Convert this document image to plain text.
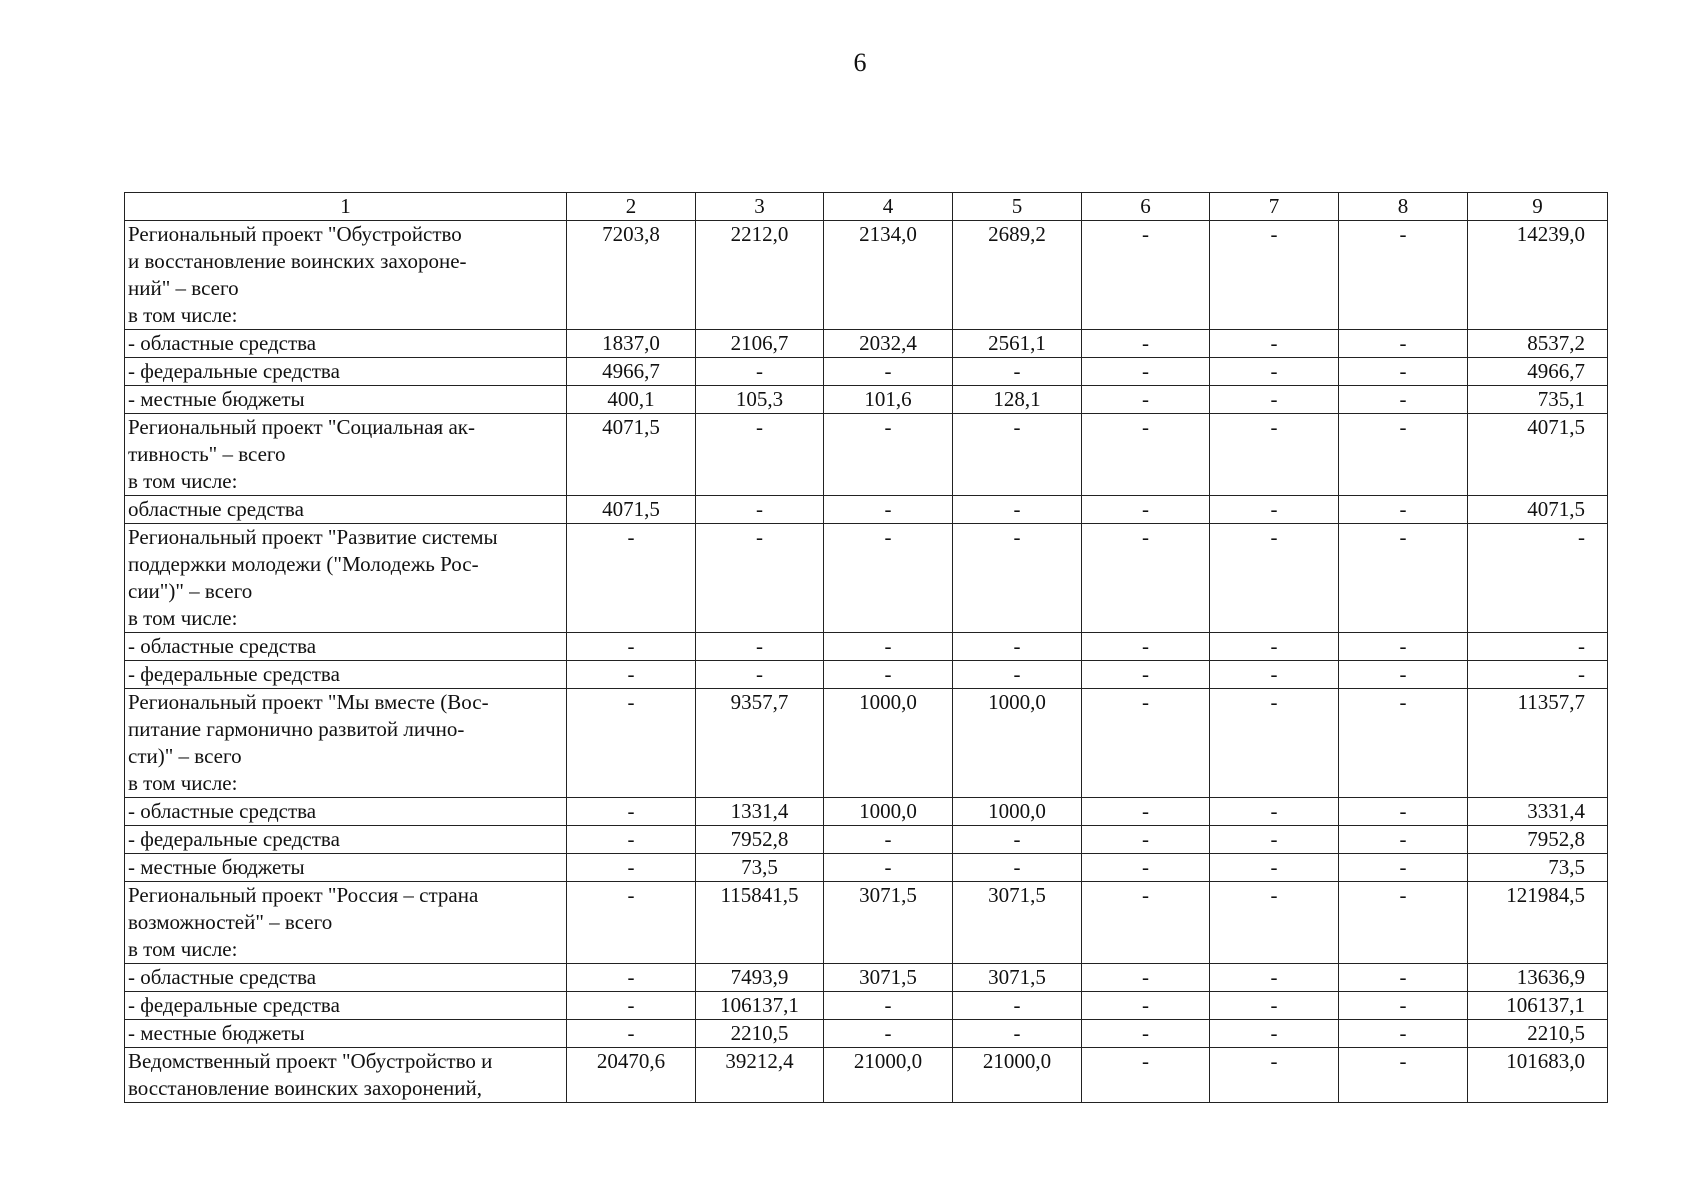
6
1	2	3	4	5	6	7	8	9
Региональный проект "Обустройство
и восстановление воинских захороне-
ний" – всего
в том числе:	7203,8	2212,0	2134,0	2689,2	-	-	-	14239,0
- областные средства	1837,0	2106,7	2032,4	2561,1	-	-	-	8537,2
- федеральные средства	4966,7	-	-	-	-	-	-	4966,7
- местные бюджеты	400,1	105,3	101,6	128,1	-	-	-	735,1
Региональный проект "Социальная ак-
тивность" – всего
в том числе:	4071,5	-	-	-	-	-	-	4071,5
областные средства	4071,5	-	-	-	-	-	-	4071,5
Региональный проект "Развитие системы
поддержки молодежи ("Молодежь Рос-
сии")" – всего
в том числе:	-	-	-	-	-	-	-	-
- областные средства	-	-	-	-	-	-	-	-
- федеральные средства	-	-	-	-	-	-	-	-
Региональный проект "Мы вместе (Вос-
питание гармонично развитой лично-
сти)" – всего
в том числе:	-	9357,7	1000,0	1000,0	-	-	-	11357,7
- областные средства	-	1331,4	1000,0	1000,0	-	-	-	3331,4
- федеральные средства	-	7952,8	-	-	-	-	-	7952,8
- местные бюджеты	-	73,5	-	-	-	-	-	73,5
Региональный проект "Россия – страна
возможностей" – всего
в том числе:	-	115841,5	3071,5	3071,5	-	-	-	121984,5
- областные средства	-	7493,9	3071,5	3071,5	-	-	-	13636,9
- федеральные средства	-	106137,1	-	-	-	-	-	106137,1
- местные бюджеты	-	2210,5	-	-	-	-	-	2210,5
Ведомственный проект "Обустройство и
восстановление воинских захоронений,	20470,6	39212,4	21000,0	21000,0	-	-	-	101683,0
